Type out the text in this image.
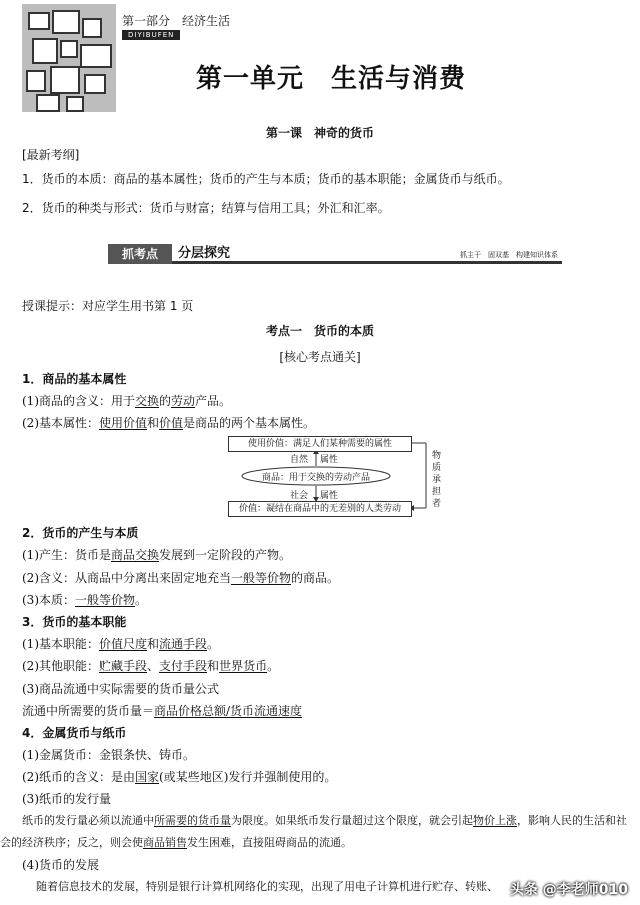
第一部分　经济生活
DIYIBUFEN
第一单元　生活与消费
第一课　神奇的货币
[最新考纲]
1．货币的本质：商品的基本属性；货币的产生与本质；货币的基本职能；金属货币与纸币。
2．货币的种类与形式：货币与财富；结算与信用工具；外汇和汇率。
抓考点	分层探究	抓主干　固双基　构建知识体系
授课提示：对应学生用书第 1 页
考点一　货币的本质
[核心考点通关]
1．商品的基本属性
(1)商品的含义：用于交换的劳动产品。
(2)基本属性：使用价值和价值是商品的两个基本属性。
使用价值：满足人们某种需要的属性
自然 属性
商品：用于交换的劳动产品
社会 属性
价值：凝结在商品中的无差别的人类劳动
物质承担者
2．货币的产生与本质
(1)产生：货币是商品交换发展到一定阶段的产物。
(2)含义：从商品中分离出来固定地充当一般等价物的商品。
(3)本质：一般等价物。
3．货币的基本职能
(1)基本职能：价值尺度和流通手段。
(2)其他职能：贮藏手段、支付手段和世界货币。
(3)商品流通中实际需要的货币量公式
流通中所需要的货币量＝商品价格总额/货币流通速度
4．金属货币与纸币
(1)金属货币：金银条快、铸币。
(2)纸币的含义：是由国家(或某些地区)发行并强制使用的。
(3)纸币的发行量
纸币的发行量必须以流通中所需要的货币量为限度。如果纸币发行量超过这个限度，就会引起物价上涨，影响人民的生活和社
会的经济秩序；反之，则会使商品销售发生困难，直接阻碍商品的流通。
(4)货币的发展
随着信息技术的发展，特别是银行计算机网络化的实现，出现了用电子计算机进行贮存、转账、 头条 @李老师010
